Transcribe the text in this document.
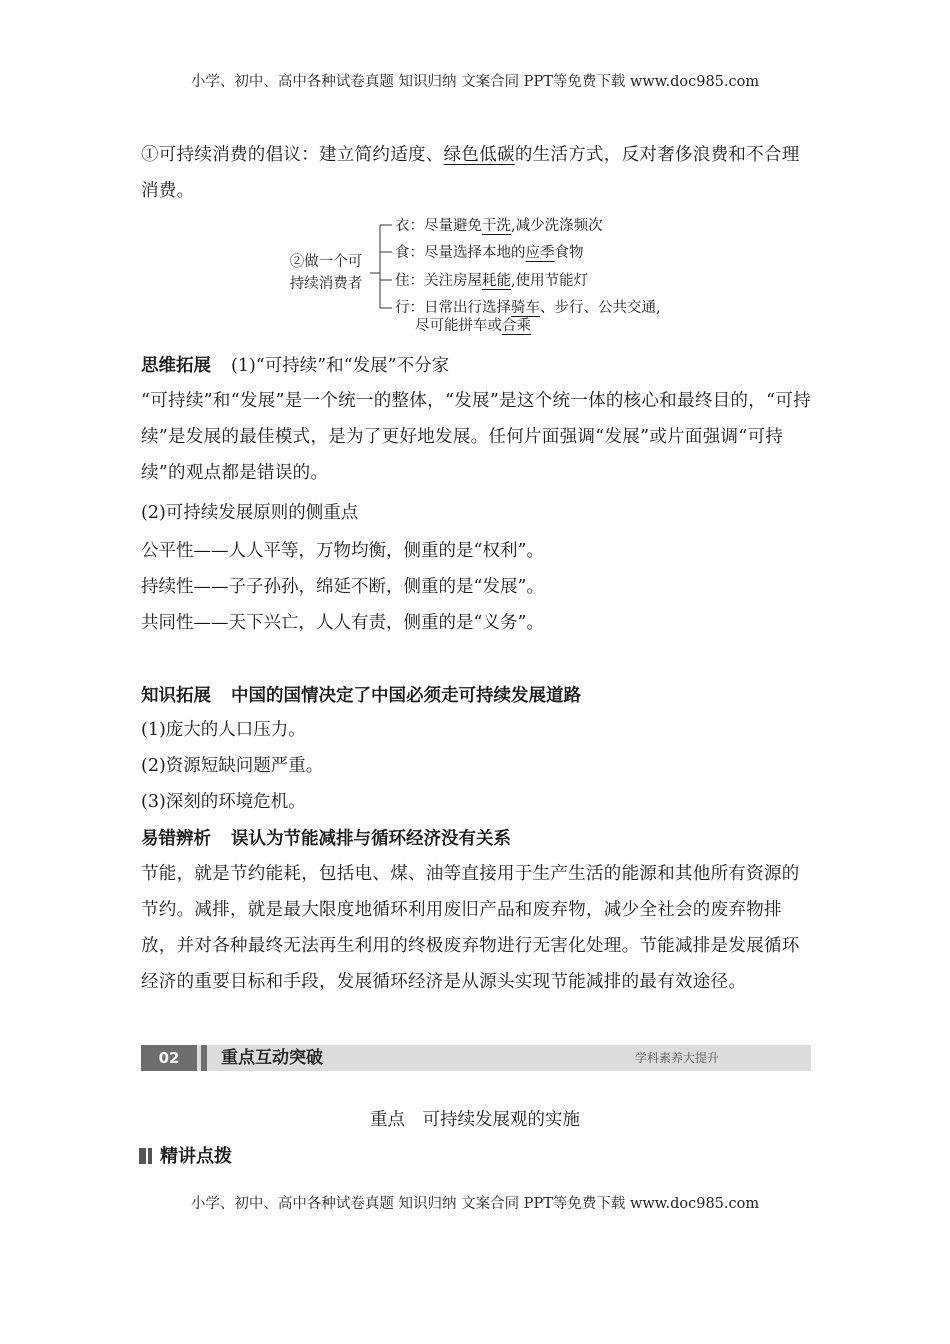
小学、初中、高中各种试卷真题 知识归纳 文案合同 PPT等免费下载 www.doc985.com
①可持续消费的倡议：建立简约适度、绿色低碳的生活方式，反对奢侈浪费和不合理消费。
②做一个可
持续消费者
衣：尽量避免干洗,减少洗涤频次
食：尽量选择本地的应季食物
住：关注房屋耗能,使用节能灯
行：日常出行选择骑车、步行、公共交通,
尽可能拼车或合乘
思维拓展 (1)“可持续”和“发展”不分家
“可持续”和“发展”是一个统一的整体，“发展”是这个统一体的核心和最终目的，“可持续”是发展的最佳模式，是为了更好地发展。任何片面强调“发展”或片面强调“可持续”的观点都是错误的。
(2)可持续发展原则的侧重点
公平性——人人平等，万物均衡，侧重的是“权利”。
持续性——子子孙孙，绵延不断，侧重的是“发展”。
共同性——天下兴亡，人人有责，侧重的是“义务”。
知识拓展 中国的国情决定了中国必须走可持续发展道路
(1)庞大的人口压力。
(2)资源短缺问题严重。
(3)深刻的环境危机。
易错辨析 误认为节能减排与循环经济没有关系
节能，就是节约能耗，包括电、煤、油等直接用于生产生活的能源和其他所有资源的节约。减排，就是最大限度地循环利用废旧产品和废弃物，减少全社会的废弃物排放，并对各种最终无法再生利用的终极废弃物进行无害化处理。节能减排是发展循环经济的重要目标和手段，发展循环经济是从源头实现节能减排的最有效途径。
02	重点互动突破	学科素养大提升
重点　可持续发展观的实施
精讲点拨
小学、初中、高中各种试卷真题 知识归纳 文案合同 PPT等免费下载 www.doc985.com
